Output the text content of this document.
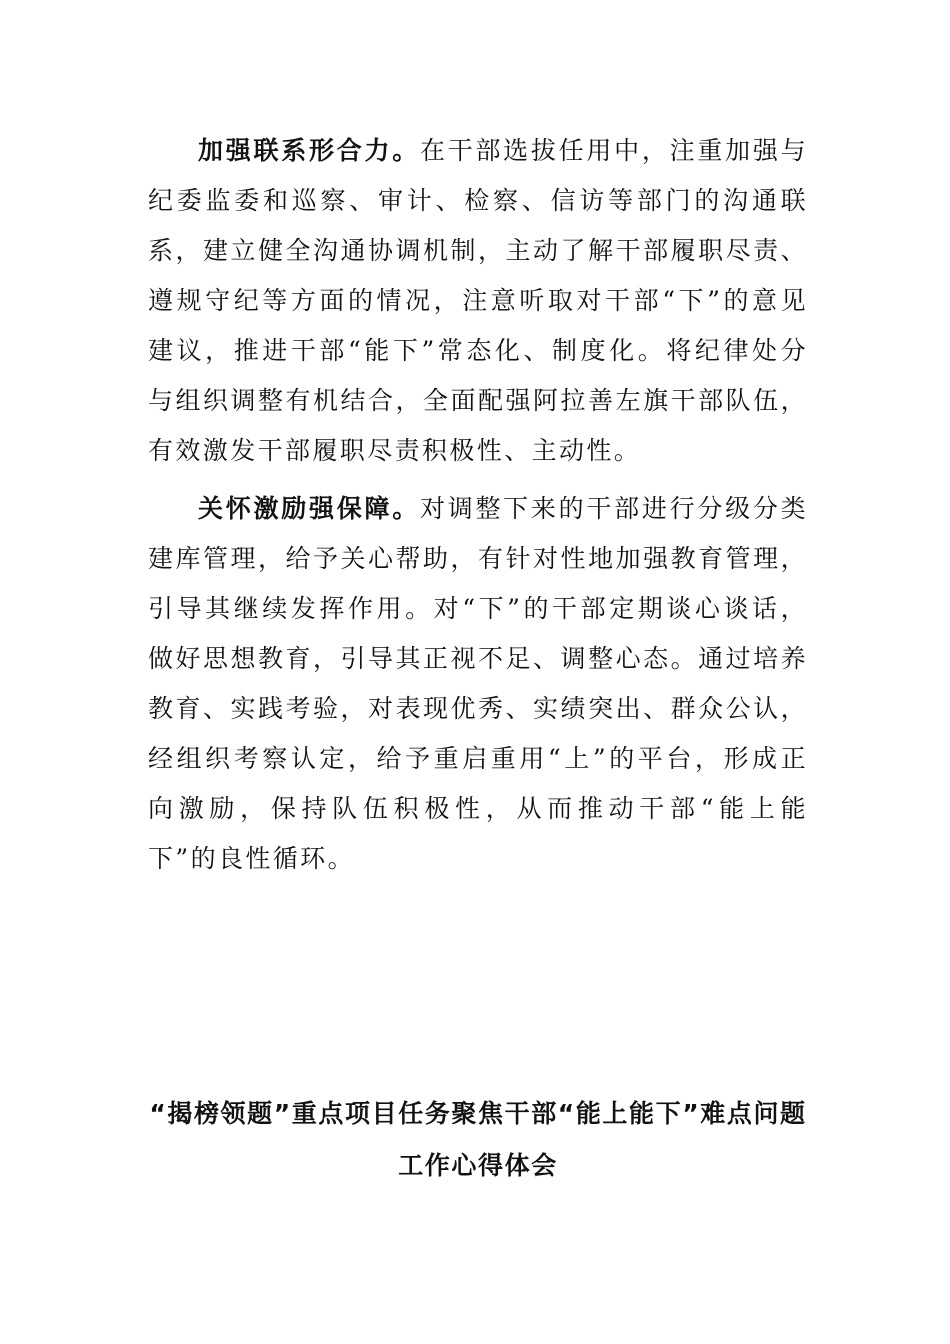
加强联系形合力。在干部选拔任用中，注重加强与纪委监委和巡察、审计、检察、信访等部门的沟通联系，建立健全沟通协调机制，主动了解干部履职尽责、遵规守纪等方面的情况，注意听取对干部“下”的意见建议，推进干部“能下”常态化、制度化。将纪律处分与组织调整有机结合，全面配强阿拉善左旗干部队伍，有效激发干部履职尽责积极性、主动性。

关怀激励强保障。对调整下来的干部进行分级分类建库管理，给予关心帮助，有针对性地加强教育管理，引导其继续发挥作用。对“下”的干部定期谈心谈话，做好思想教育，引导其正视不足、调整心态。通过培养教育、实践考验，对表现优秀、实绩突出、群众公认，经组织考察认定，给予重启重用“上”的平台，形成正向激励，保持队伍积极性，从而推动干部“能上能下”的良性循环。

“揭榜领题”重点项目任务聚焦干部“能上能下”难点问题工作心得体会
